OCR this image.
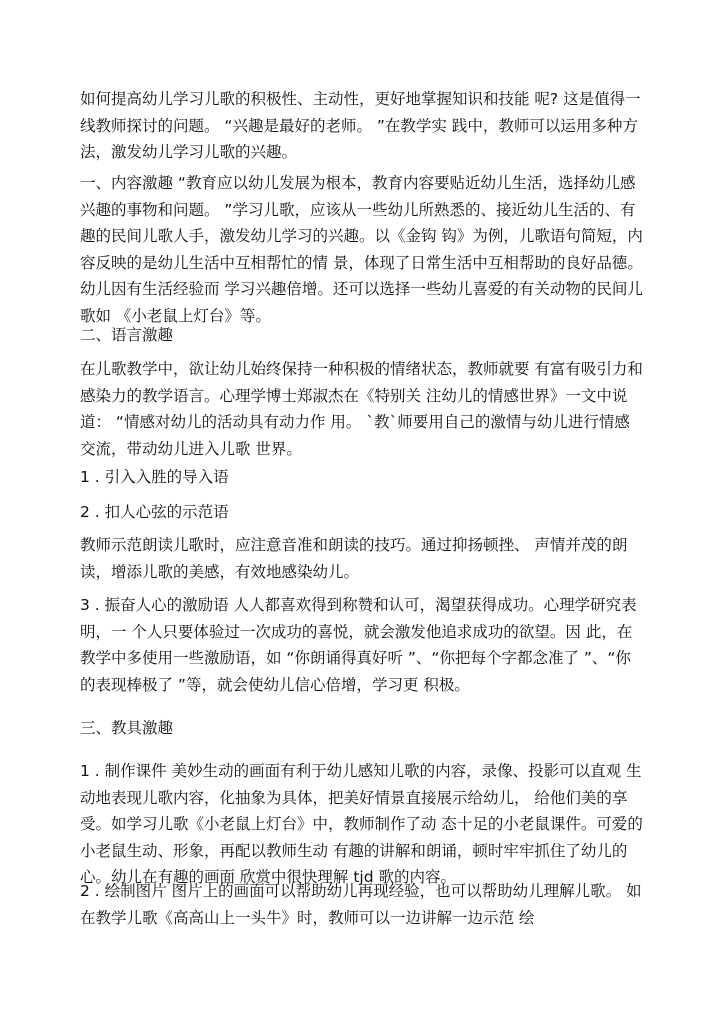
如何提高幼儿学习儿歌的积极性、主动性，更好地掌握知识和技能 呢? 这是值得一线教师探讨的问题。 “兴趣是最好的老师。 ”在教学实 践中，教师可以运用多种方法，激发幼儿学习儿歌的兴趣。

一、内容激趣 “教育应以幼儿发展为根本，教育内容要贴近幼儿生活，选择幼儿感 兴趣的事物和问题。 ”学习儿歌，应该从一些幼儿所熟悉的、接近幼儿生活的、有趣的民间儿歌人手，激发幼儿学习的兴趣。以《金钩 钩》为例，儿歌语句简短，内容反映的是幼儿生活中互相帮忙的情 景，体现了日常生活中互相帮助的良好品德。幼儿因有生活经验而 学习兴趣倍增。还可以选择一些幼儿喜爱的有关动物的民间儿歌如 《小老鼠上灯台》等。

二、语言激趣

在儿歌教学中，欲让幼儿始终保持一种积极的情绪状态，教师就要 有富有吸引力和感染力的教学语言。心理学博士郑淑杰在《特别关 注幼儿的情感世界》一文中说道： “情感对幼儿的活动具有动力作 用。 `教`师要用自己的激情与幼儿进行情感交流，带动幼儿进入儿歌 世界。

1 . 引入入胜的导入语

2 . 扣人心弦的示范语

教师示范朗读儿歌时，应注意音准和朗读的技巧。通过抑扬顿挫、 声情并茂的朗读，增添儿歌的美感，有效地感染幼儿。

3 . 振奋人心的激励语 人人都喜欢得到称赞和认可，渴望获得成功。心理学研究表明，一 个人只要体验过一次成功的喜悦，就会激发他追求成功的欲望。因 此，在教学中多使用一些激励语，如 “你朗诵得真好听 ”、“你把每个字都念准了 ”、“你的表现棒极了 ”等，就会使幼儿信心倍增，学习更 积极。

三、教具激趣

1 . 制作课件 美妙生动的画面有利于幼儿感知儿歌的内容，录像、投影可以直观 生动地表现儿歌内容，化抽象为具体，把美好情景直接展示给幼儿， 给他们美的享受。如学习儿歌《小老鼠上灯台》中，教师制作了动 态十足的小老鼠课件。可爱的小老鼠生动、形象，再配以教师生动 有趣的讲解和朗诵，顿时牢牢抓住了幼儿的心。幼儿在有趣的画面 欣赏中很快理解 tjd 歌的内容。

2 . 绘制图片 图片上的画面可以帮助幼儿再现经验，也可以帮助幼儿理解儿歌。 如在教学儿歌《高高山上一头牛》时，教师可以一边讲解一边示范 绘
